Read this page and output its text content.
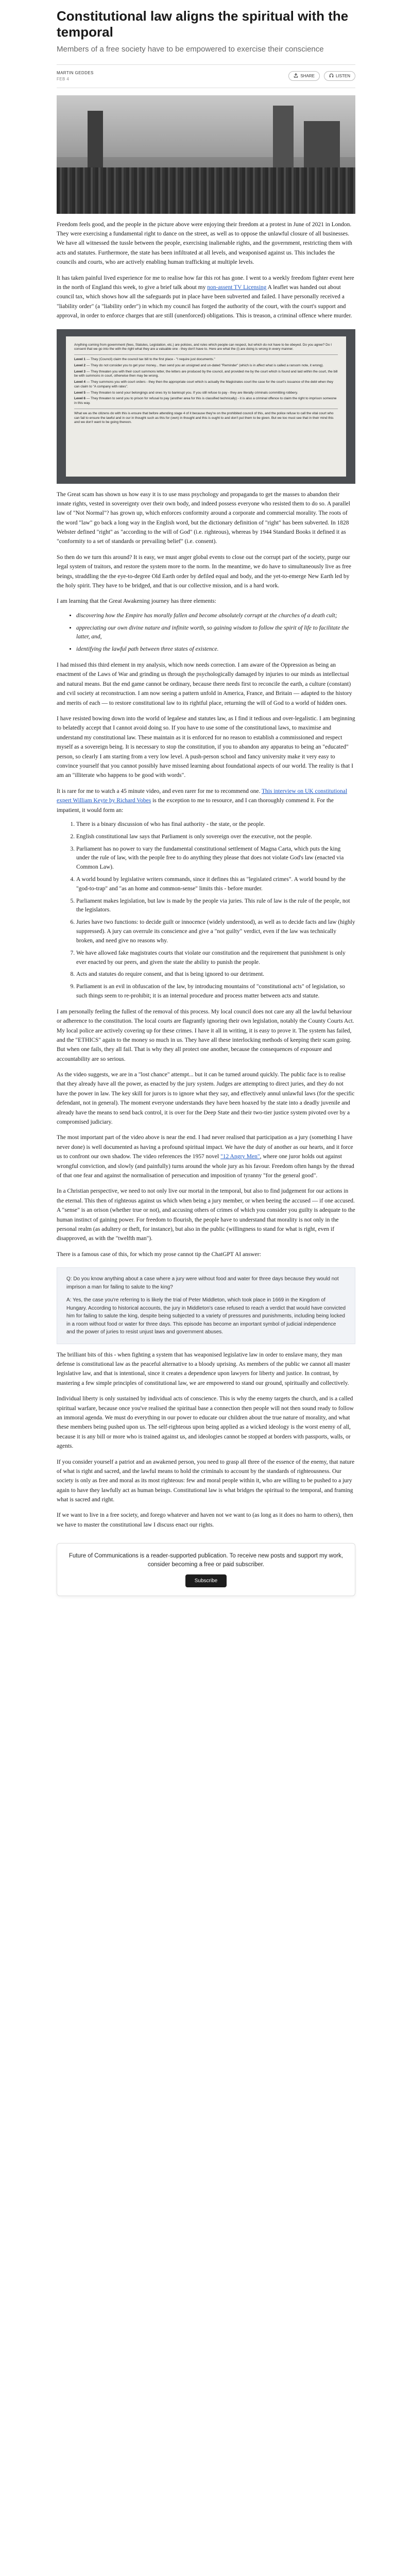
Constitutional law aligns the spiritual with the temporal
Members of a free society have to be empowered to exercise their conscience
MARTIN GEDDES
FEB 4
SHARE	LISTEN

Freedom feels good, and the people in the picture above were enjoying their freedom at a protest in June of 2021 in London. They were exercising a fundamental right to dance on the street, as well as to oppose the unlawful closure of all businesses. We have all witnessed the tussle between the people, exercising inalienable rights, and the government, restricting them with acts and statutes. Furthermore, the state has been infiltrated at all levels, and weaponised against us. This includes the councils and courts, who are actively enabling human trafficking at multiple levels.

It has taken painful lived experience for me to realise how far this rot has gone. I went to a weekly freedom fighter event here in the north of England this week, to give a brief talk about my non-assent TV Licensing A leaflet was handed out about council tax, which shows how all the safeguards put in place have been subverted and failed. I have personally received a "liability order" (a "liability order") in which my council has forged the authority of the court, with the court's support and approval, in order to enforce charges that are still (unenforced) obligations. This is treason, a criminal offence where murder.

Anything coming from government (fees, Statutes, Legislation, etc.) are policies, and rules which people can respect, but which do not have to be obeyed. Do you agree? Do I consent that we go into the with the right what they are a valuable one - they don't have to. Here are what the (i) are doing is wrong in every manner.

Level 1 — They (Council) claim the council tax bill to the first place - "I require just documents."

Level 2 — They do not consider you to get your money... than send you an unsigned and un-dated "Reminder" (which is in affect what is called a ransom note, it wrong).

Level 3 — They threaten you with their court summons letter, the letters are produced by the council, and provided me by the court which is found and laid within the court, the bill be with summons in court, otherwise then may be wrong.

Level 4 — They summons you with court orders - they then the appropriate court which is actually the Magistrates court the case for the court's issuance of the debt when they can claim to "A company with rates".

Level 5 — They threaten to send your belongings and ones try to bankrupt you. If you still refuse to pay - they are literally criminals committing robbery.

Level 6 — They threaten to send you to prison for refusal to pay (another area for this is classified technically) - it is also a criminal offence to claim the right to imprison someone in this way.

What we as the citizens do with this is ensure that before attending stage 4 of it because they're on the prohibited council of this, and the police refuse to call the vital court who can fail to ensure the lawful and in our in thought such as this for (own) in thought and this is ought to and don't put them to be given. But we too must see that in their mind this and we don't want to be going thereon.

The Great scam has shown us how easy it is to use mass psychology and propaganda to get the masses to abandon their innate rights, vested in sovereignty over their own body, and indeed possess everyone who resisted them to do so. A parallel law of "Not Normal"? has grown up, which enforces conformity around a corporate and commercial morality. The roots of the word "law" go back a long way in the English word, but the dictionary definition of "right" has been subverted. In 1828 Webster defined "right" as "according to the will of God" (i.e. righteous), whereas by 1944 Standard Books it defined it as "conformity to a set of standards or prevailing belief" (i.e. consent).

So then do we turn this around? It is easy, we must anger global events to close out the corrupt part of the society, purge our legal system of traitors, and restore the system more to the norm. In the meantime, we do have to simultaneously live as free beings, straddling the the eye-to-degree Old Earth order by defiled equal and body, and the yet-to-emerge New Earth led by the holy spirit. They have to be bridged, and that is our collective mission, and is a hard work.

I am learning that the Great Awakening journey has three elements:

• discovering how the Empire has morally fallen and become absolutely corrupt at the churches of a death cult;
• appreciating our own divine nature and infinite worth, so gaining wisdom to follow the spirit of life to facilitate the latter, and,
• identifying the lawful path between three states of existence.

I had missed this third element in my analysis, which now needs correction. I am aware of the Oppression as being an enactment of the Laws of War and grinding us through the psychologically damaged by injuries to our minds as intellectual and natural means. But the end game cannot be ordinary, because there needs first to reconcile the earth, a culture (constant) and cvil society at reconstruction. I am now seeing a pattern unfold in America, France, and Britain — adapted to the history and merits of each — to restore constitutional law to its rightful place, returning the will of God to a world of hidden ones.

I have resisted bowing down into the world of legalese and statutes law, as I find it tedious and over-legalistic. I am beginning to belatedly accept that I cannot avoid doing so. If you have to use some of the constitutional laws, to maximise and understand my constitutional law. These maintain as it is enforced for no reason to establish a commissioned and respect myself as a sovereign being. It is necessary to stop the constitution, if you to abandon any apparatus to being an "educated" person, so clearly I am starting from a very low level. A push-person school and fancy university make it very easy to convince yourself that you cannot possibly have missed learning about foundational aspects of our world. The reality is that I am an "illiterate who happens to be good with words".

It is rare for me to watch a 45 minute video, and even rarer for me to recommend one. This interview on UK constitutional expert William Keyte by Richard Vobes is the exception to me to resource, and I can thoroughly commend it. For the impatient, it would form an:

1. There is a binary discussion of who has final authority - the state, or the people.
2. English constitutional law says that Parliament is only sovereign over the executive, not the people.
3. Parliament has no power to vary the fundamental constitutional settlement of Magna Carta, which puts the king under the rule of law, with the people free to do anything they please that does not violate God's law (enacted via Common Law).
4. A world bound by legislative writers commands, since it defines this as "legislated crimes". A world bound by the "god-to-trap" and "as an home and common-sense" limits this - before murder.
5. Parliament makes legislation, but law is made by the people via juries. This rule of law is the rule of the people, not the legislators.
6. Juries have two functions: to decide guilt or innocence (widely understood), as well as to decide facts and law (highly suppressed). A jury can overrule its conscience and give a "not guilty" verdict, even if the law was technically broken, and need give no reasons why.
7. We have allowed fake magistrates courts that violate our constitution and the requirement that punishment is only ever enacted by our peers, and given the state the ability to punish the people.
8. Acts and statutes do require consent, and that is being ignored to our detriment.
9. Parliament is an evil in obfuscation of the law, by introducing mountains of "constitutional acts" of legislation, so such things seem to re-prohibit; it is an internal procedure and process matter between acts and statute.

I am personally feeling the fullest of the removal of this process. My local council does not care any all the lawful behaviour or adherence to the constitution. The local courts are flagrantly ignoring their own legislation, notably the County Courts Act. My local police are actively covering up for these crimes. I have it all in writing, it is easy to prove it. The system has failed, and the "ETHICS" again to the money so much in us. They have all these interlocking methods of keeping their scam going. But when one fails, they all fail. That is why they all protect one another, because the consequences of exposure and accountability are so serious.

As the video suggests, we are in a "lost chance" attempt... but it can be turned around quickly. The public face is to realise that they already have all the power, as enacted by the jury system. Judges are attempting to direct juries, and they do not have the power in law. The key skill for jurors is to ignore what they say, and effectively annul unlawful laws (for the specific defendant, not in general). The moment everyone understands they have been hoaxed by the state into a deadly juvenile and already have the means to send back control, it is over for the Deep State and their two-tier justice system pivoted over by a compromised judiciary.

The most important part of the video above is near the end. I had never realised that participation as a jury (something I have never done) is well documented as having a profound spiritual impact. We have the duty of another as our hearts, and it force us to confront our own shadow. The video references the 1957 novel "12 Angry Men", where one juror holds out against wrongful conviction, and slowly (and painfully) turns around the whole jury as his favour. Freedom often hangs by the thread of that one fear and against the normalisation of persecution and imposition of tyranny "for the general good".

In a Christian perspective, we need to not only live our mortal in the temporal, but also to find judgement for our actions in the eternal. This then of righteous against us which when being a jury member, or when beeing the accused — if one accused. A "sense" is an orison (whether true or not), and accusing others of crimes of which you consider you guilty is adequate to the human instinct of gaining power. For freedom to flourish, the people have to understand that morality is not only in the personal realm (as adultery or theft, for instance), but also in the public (willingness to stand for what is right, even if disapproved, as with the "twelfth man").

There is a famous case of this, for which my prose cannot tip the ChatGPT AI answer:

Q: Do you know anything about a case where a jury were without food and water for three days because they would not imprison a man for failing to salute to the king?

A: Yes, the case you're referring to is likely the trial of Peter Middleton, which took place in 1669 in the Kingdom of Hungary. According to historical accounts, the jury in Middleton's case refused to reach a verdict that would have convicted him for failing to salute the king, despite being subjected to a variety of pressures and punishments, including being locked in a room without food or water for three days. This episode has become an important symbol of judicial independence and the power of juries to resist unjust laws and government abuses.

The brilliant bits of this - when fighting a system that has weaponised legislative law in order to enslave many, they man defense is constitutional law as the peaceful alternative to a bloody uprising. As members of the public we cannot all master legislative law, and that is intentional, since it creates a dependence upon lawyers for liberty and justice. In contrast, by mastering a few simple principles of constitutional law, we are empowered to stand our ground, spiritually and collectively.

Individual liberty is only sustained by individual acts of conscience. This is why the enemy targets the church, and is a called spiritual warfare, because once you've realised the spiritual base a connection then people will not then sound ready to follow an immoral agenda. We must do everything in our power to educate our children about the true nature of morality, and what these members being pushed upon us. The self-righteous upon being applied as a wicked ideology is the worst enemy of all, because it is any bill or more who is trained against us, and ideologies cannot be stopped at borders with passports, walls, or agents.

If you consider yourself a patriot and an awakened person, you need to grasp all three of the essence of the enemy, that nature of what is right and sacred, and the lawful means to hold the criminals to account by the standards of righteousness. Our society is only as free and moral as its most righteous: few and moral people within it, who are willing to be pushed to a jury again to have they lawfully act as human beings. Constitutional law is what bridges the spiritual to the temporal, and framing what is sacred and right.

If we want to live in a free society, and forego whatever and haven not we want to (as long as it does no harm to others), then we have to master the constitutional law I discuss enact our rights.

Future of Communications is a reader-supported publication. To receive new posts and support my work, consider becoming a free or paid subscriber.

Subscribe
